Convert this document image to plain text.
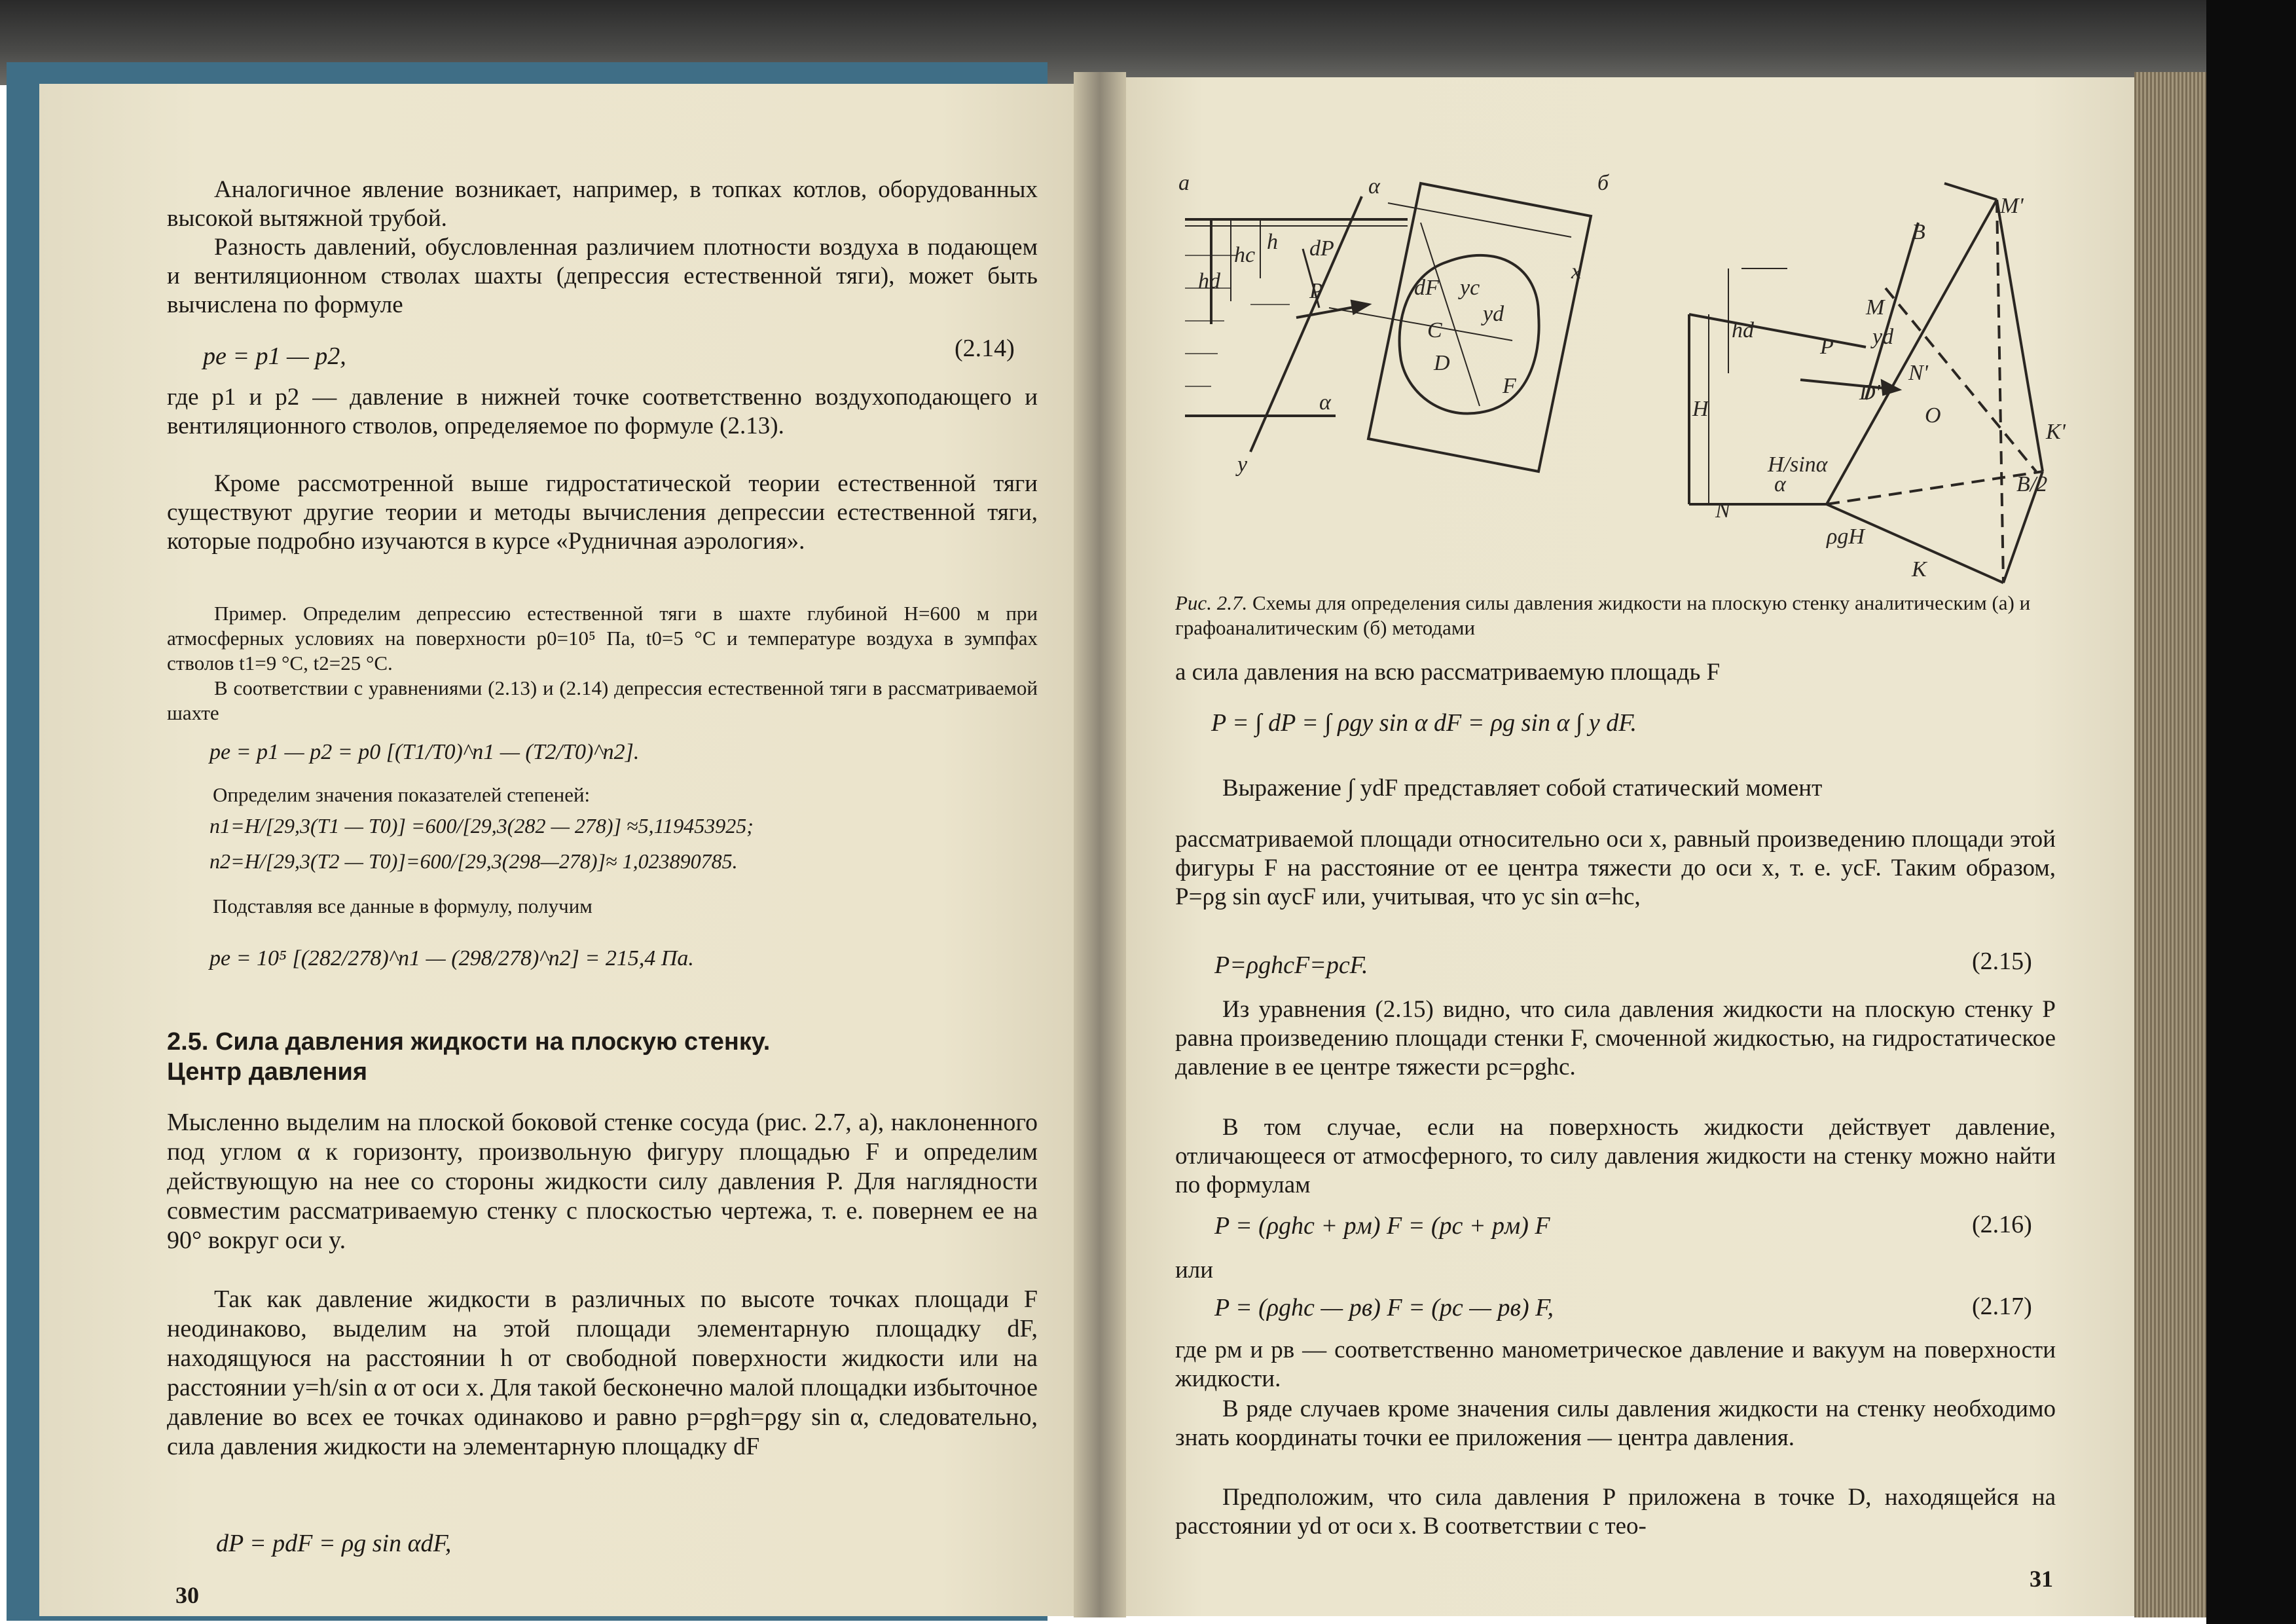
Аналогичное явление возникает, например, в топках котлов, оборудованных высокой вытяжной трубой.
Разность давлений, обусловленная различием плотности воздуха в подающем и вентиляционном стволах шахты (депрессия естественной тяги), может быть вычислена по формуле
pe = p1 — p2,	(2.14)
где p1 и p2 — давление в нижней точке соответственно воздухоподающего и вентиляционного стволов, определяемое по формуле (2.13).
Кроме рассмотренной выше гидростатической теории естественной тяги существуют другие теории и методы вычисления депрессии естественной тяги, которые подробно изучаются в курсе «Рудничная аэрология».
Пример. Определим депрессию естественной тяги в шахте глубиной H=600 м при атмосферных условиях на поверхности p0=10⁵ Па, t0=5 °С и температуре воздуха в зумпфах стволов t1=9 °С, t2=25 °С.
В соответствии с уравнениями (2.13) и (2.14) депрессия естественной тяги в рассматриваемой шахте
pe = p1 — p2 = p0 [(T1/T0)^n1 — (T2/T0)^n2].
Определим значения показателей степеней:
n1=H/[29,3(T1 — T0)] =600/[29,3(282 — 278)] ≈5,119453925;
n2=H/[29,3(T2 — T0)]=600/[29,3(298—278)]≈ 1,023890785.
Подставляя все данные в формулу, получим
pe = 10⁵ [(282/278)^n1 — (298/278)^n2] = 215,4 Па.
2.5. Сила давления жидкости на плоскую стенку.
Центр давления
Мысленно выделим на плоской боковой стенке сосуда (рис. 2.7, а), наклоненного под углом α к горизонту, произвольную фигуру площадью F и определим действующую на нее со стороны жидкости силу давления P. Для наглядности совместим рассматриваемую стенку с плоскостью чертежа, т. е. повернем ее на 90° вокруг оси y.
Так как давление жидкости в различных по высоте точках площади F неодинаково, выделим на этой площади элементарную площадку dF, находящуюся на расстоянии h от свободной поверхности жидкости или на расстоянии y=h/sin α от оси x. Для такой бесконечно малой площадки избыточное давление во всех ее точках одинаково и равно p=ρgh=ρgy sin α, следовательно, сила давления жидкости на элементарную площадку dF
dP = pdF = ρg sin αdF,
30
а	б
α
hd
hc
h dP
P	dF
C
D
yc
yd
F
x
y
α
M'
B
M
hd	yd
P
D'
N'
O
H
H/sinα
α
N
K'
B/2
ρgH
K
Рис. 2.7. Схемы для определения силы давления жидкости на плоскую стенку аналитическим (а) и графоаналитическим (б) методами
а сила давления на всю рассматриваемую площадь F
P = ∫ dP = ∫ ρgy sin α dF = ρg sin α ∫ y dF.
Выражение ∫ ydF представляет собой статический момент
рассматриваемой площади относительно оси x, равный произведению площади этой фигуры F на расстояние от ее центра тяжести до оси x, т. е. ycF. Таким образом, P=ρg sin αycF или, учитывая, что yc sin α=hc,
P=ρghcF=pcF.	(2.15)
Из уравнения (2.15) видно, что сила давления жидкости на плоскую стенку P равна произведению площади стенки F, смоченной жидкостью, на гидростатическое давление в ее центре тяжести pc=ρghc.
В том случае, если на поверхность жидкости действует давление, отличающееся от атмосферного, то силу давления жидкости на стенку можно найти по формулам
P = (ρghc + pм) F = (pc + pм) F	(2.16)
или
P = (ρghc — pв) F = (pc — pв) F,	(2.17)
где pм и pв — соответственно манометрическое давление и вакуум на поверхности жидкости.
В ряде случаев кроме значения силы давления жидкости на стенку необходимо знать координаты точки ее приложения — центра давления.
Предположим, что сила давления P приложена в точке D, находящейся на расстоянии yd от оси x. В соответствии с тео-
31
